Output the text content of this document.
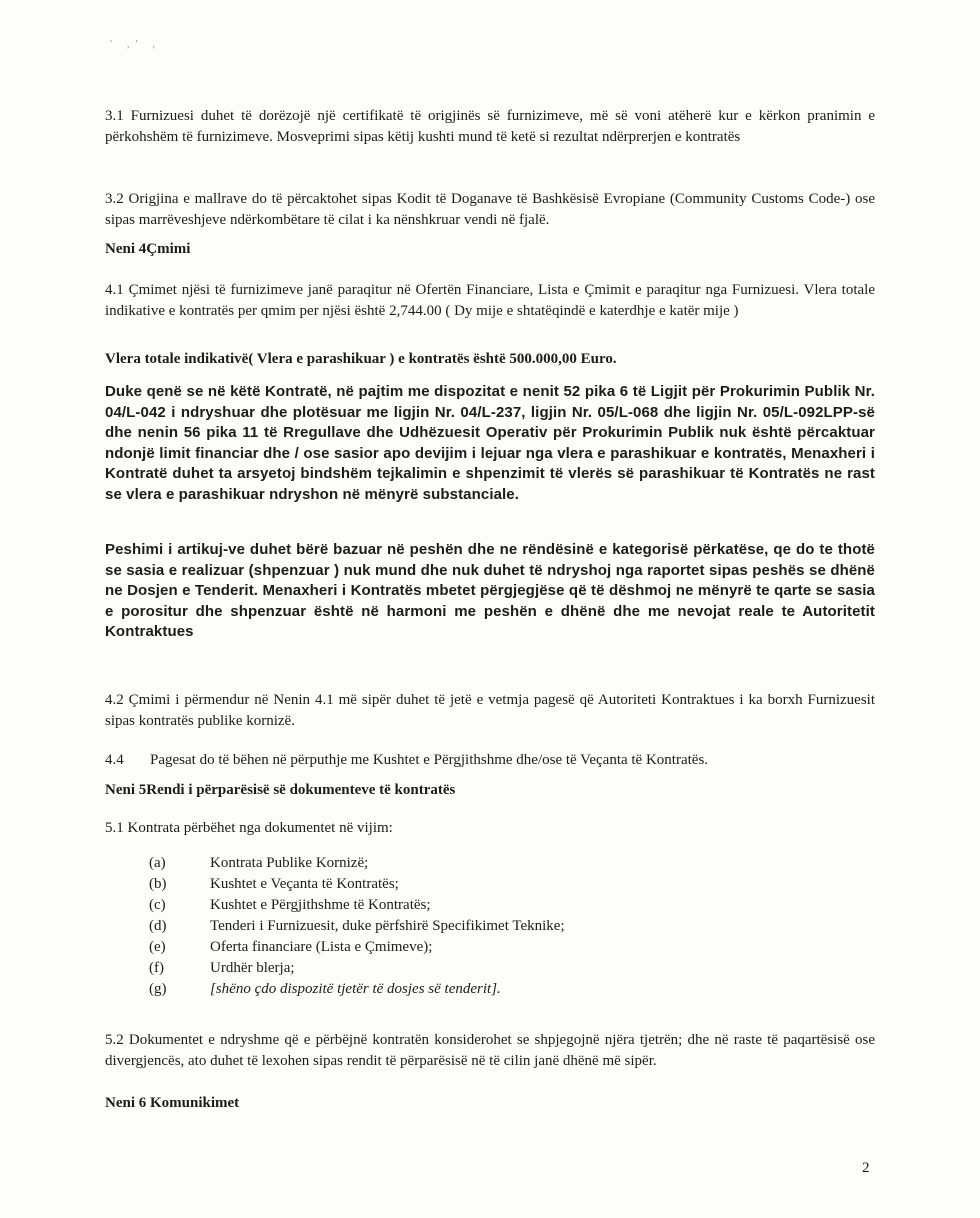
' ,' ,

3.1 Furnizuesi duhet të dorëzojë një certifikatë të origjinës së furnizimeve, më së voni atëherë kur e kërkon pranimin e përkohshëm të furnizimeve. Mosveprimi sipas këtij kushti mund të ketë si rezultat ndërprerjen e kontratës

3.2 Origjina e mallrave do të përcaktohet sipas Kodit të Doganave të Bashkësisë Evropiane (Community Customs Code-) ose sipas marrëveshjeve ndërkombëtare të cilat i ka nënshkruar vendi në fjalë.

Neni 4Çmimi

4.1 Çmimet njësi të furnizimeve janë paraqitur në Ofertën Financiare, Lista e Çmimit e paraqitur nga Furnizuesi. Vlera totale indikative e kontratës per qmim per njësi është 2,744.00 ( Dy mije e shtatëqindë e katerdhje e katër mije )

Vlera totale indikativë( Vlera e parashikuar ) e kontratës është 500.000,00 Euro.

Duke qenë se në këtë Kontratë, në pajtim me dispozitat e nenit 52 pika 6 të Ligjit për Prokurimin Publik Nr. 04/L-042 i ndryshuar dhe plotësuar me ligjin Nr. 04/L-237, ligjin Nr. 05/L-068 dhe ligjin Nr. 05/L-092LPP-së dhe nenin 56 pika 11 të Rregullave dhe Udhëzuesit Operativ për Prokurimin Publik nuk është përcaktuar ndonjë limit financiar dhe / ose sasior apo devijim i lejuar nga vlera e parashikuar e kontratës, Menaxheri i Kontratë duhet ta arsyetoj bindshëm tejkalimin e shpenzimit të vlerës së parashikuar të Kontratës ne rast se vlera e parashikuar ndryshon në mënyrë substanciale.

Peshimi i artikuj-ve duhet bërë bazuar në peshën dhe ne rëndësinë e kategorisë përkatëse, qe do te thotë se sasia e realizuar (shpenzuar ) nuk mund dhe nuk duhet të ndryshoj nga raportet sipas peshës se dhënë ne Dosjen e Tenderit. Menaxheri i Kontratës mbetet përgjegjëse që të dëshmoj ne mënyrë te qarte se sasia e porositur dhe shpenzuar është në harmoni me peshën e dhënë dhe me nevojat reale te Autoritetit Kontraktues

4.2 Çmimi i përmendur në Nenin 4.1 më sipër duhet të jetë e vetmja pagesë që Autoriteti Kontraktues i ka borxh Furnizuesit sipas kontratës publike kornizë.

4.4 Pagesat do të bëhen në përputhje me Kushtet e Përgjithshme dhe/ose të Veçanta të Kontratës.
Neni 5Rendi i përparësisë së dokumenteve të kontratës
5.1 Kontrata përbëhet nga dokumentet në vijim:
(a)	Kontrata Publike Kornizë;
(b)	Kushtet e Veçanta të Kontratës;
(c)	Kushtet e Përgjithshme të Kontratës;
(d)	Tenderi i Furnizuesit, duke përfshirë Specifikimet Teknike;
(e)	Oferta financiare (Lista e Çmimeve);
(f)	Urdhër blerja;
(g)	[shëno çdo dispozitë tjetër të dosjes së tenderit].

5.2 Dokumentet e ndryshme që e përbëjnë kontratën konsiderohet se shpjegojnë njëra tjetrën; dhe në raste të paqartësisë ose divergjencës, ato duhet të lexohen sipas rendit të përparësisë në të cilin janë dhënë më sipër.

Neni 6 Komunikimet
2
